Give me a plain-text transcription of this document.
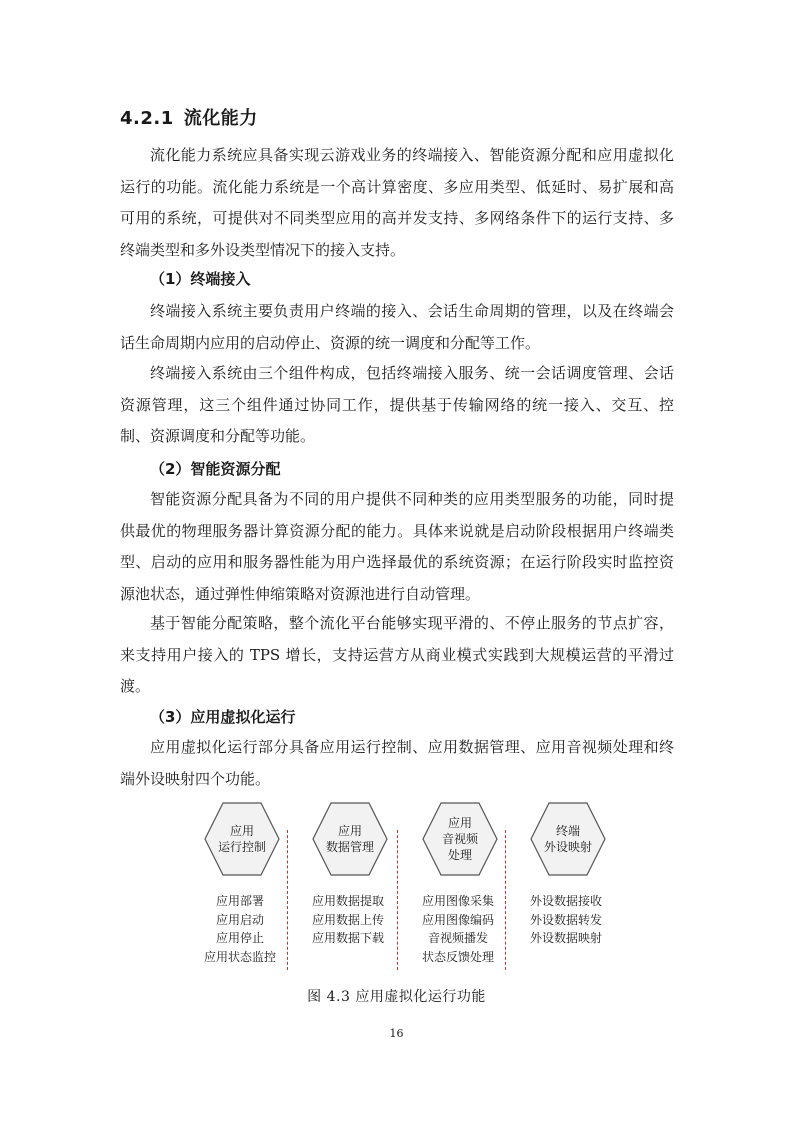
4.2.1 流化能力

流化能力系统应具备实现云游戏业务的终端接入、智能资源分配和应用虚拟化运行的功能。流化能力系统是一个高计算密度、多应用类型、低延时、易扩展和高可用的系统，可提供对不同类型应用的高并发支持、多网络条件下的运行支持、多终端类型和多外设类型情况下的接入支持。

（1）终端接入

终端接入系统主要负责用户终端的接入、会话生命周期的管理，以及在终端会话生命周期内应用的启动停止、资源的统一调度和分配等工作。

终端接入系统由三个组件构成，包括终端接入服务、统一会话调度管理、会话资源管理，这三个组件通过协同工作，提供基于传输网络的统一接入、交互、控制、资源调度和分配等功能。

（2）智能资源分配

智能资源分配具备为不同的用户提供不同种类的应用类型服务的功能，同时提供最优的物理服务器计算资源分配的能力。具体来说就是启动阶段根据用户终端类型、启动的应用和服务器性能为用户选择最优的系统资源；在运行阶段实时监控资源池状态，通过弹性伸缩策略对资源池进行自动管理。

基于智能分配策略，整个流化平台能够实现平滑的、不停止服务的节点扩容，来支持用户接入的 TPS 增长，支持运营方从商业模式实践到大规模运营的平滑过渡。

（3）应用虚拟化运行

应用虚拟化运行部分具备应用运行控制、应用数据管理、应用音视频处理和终端外设映射四个功能。

应用
运行控制
应用部署
应用启动
应用停止
应用状态监控
应用
数据管理
应用数据提取
应用数据上传
应用数据下载
应用
音视频
处理
应用图像采集
应用图像编码
音视频播发
状态反馈处理
终端
外设映射
外设数据接收
外设数据转发
外设数据映射
图 4.3 应用虚拟化运行功能
16
